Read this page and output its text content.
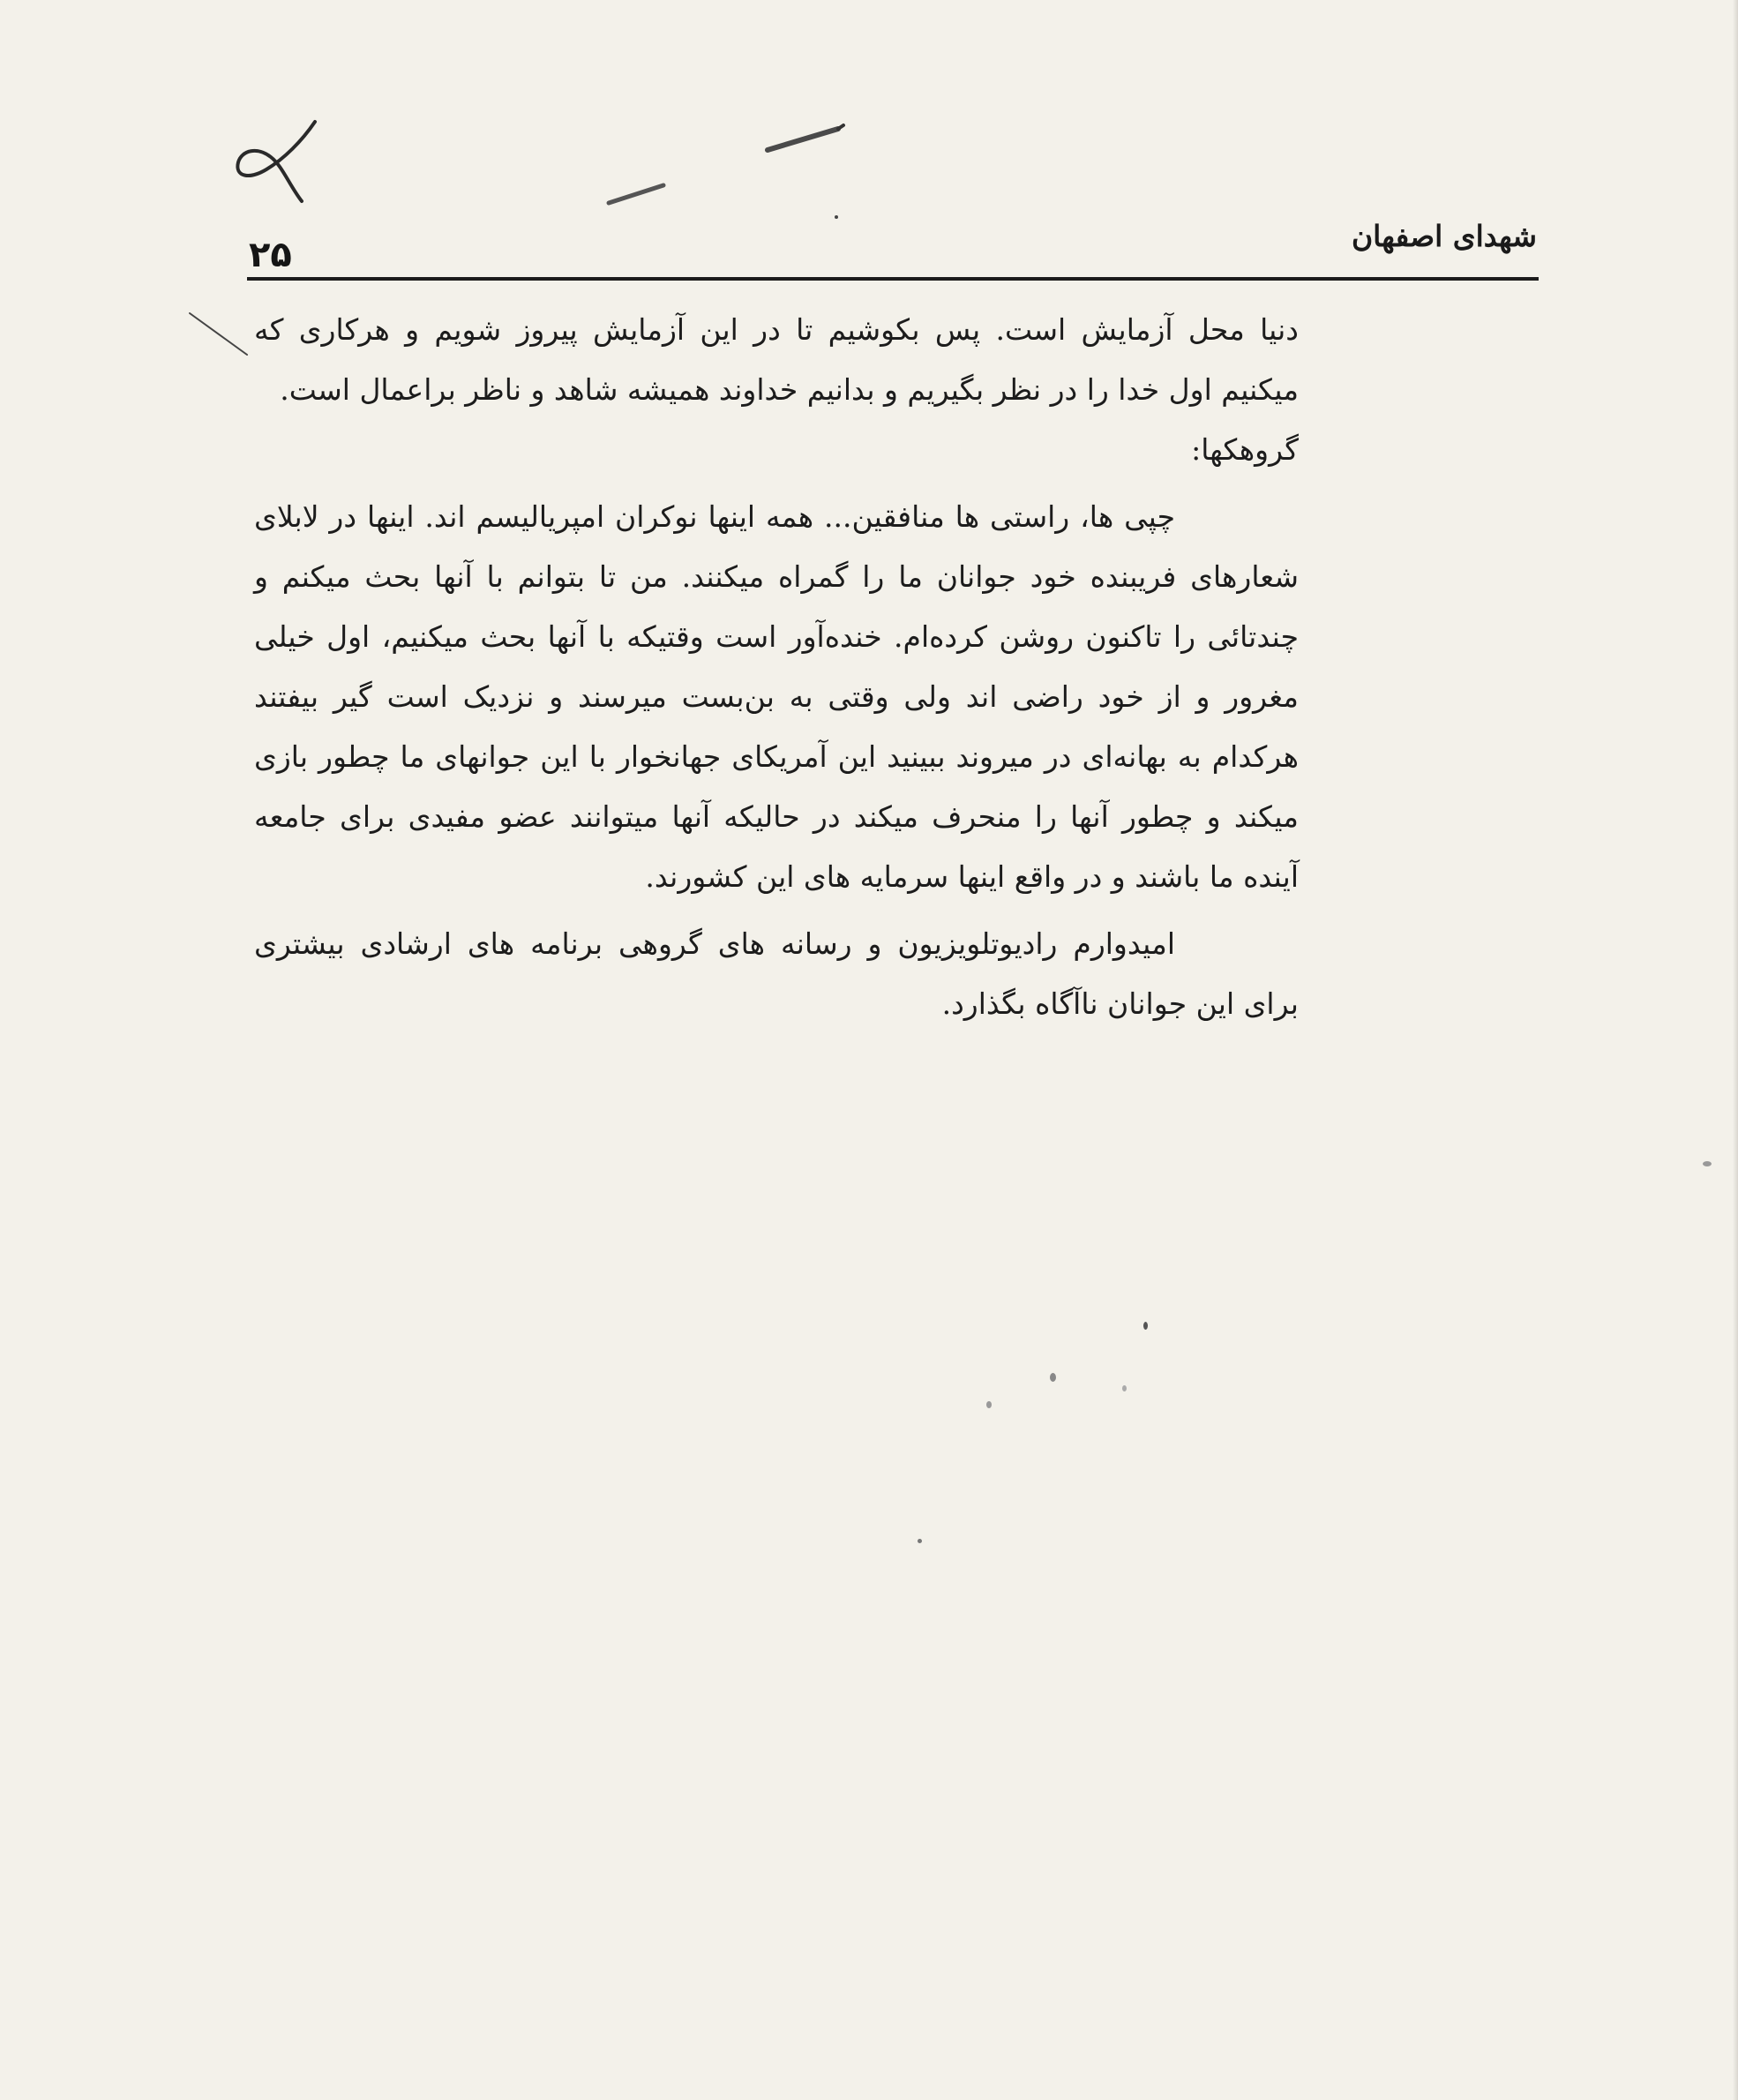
شهدای اصفهان
۲۵

دنیا محل آزمایش است. پس بکوشیم تا در این آزمایش پیروز شویم و هرکاری که میکنیم اول خدا را در نظر بگیریم و بدانیم خداوند همیشه شاهد و ناظر براعمال است.

گروهکها:

چپی ها، راستی ها منافقین... همه اینها نوکران امپریالیسم اند. اینها در لابلای شعارهای فریبنده خود جوانان ما را گمراه میکنند. من تا بتوانم با آنها بحث میکنم و چندتائی را تاکنون روشن کرده‌ام. خنده‌آور است وقتیکه با آنها بحث میکنیم، اول خیلی مغرور و از خود راضی اند ولی وقتی به بن‌بست میرسند و نزدیک است گیر بیفتند هرکدام به بهانه‌ای در میروند ببینید این آمریکای جهانخوار با این جوانهای ما چطور بازی میکند و چطور آنها را منحرف میکند در حالیکه آنها میتوانند عضو مفیدی برای جامعه آینده ما باشند و در واقع اینها سرمایه های این کشورند.

امیدوارم رادیوتلویزیون و رسانه های گروهی برنامه های ارشادی بیشتری برای این جوانان ناآگاه بگذارد.
